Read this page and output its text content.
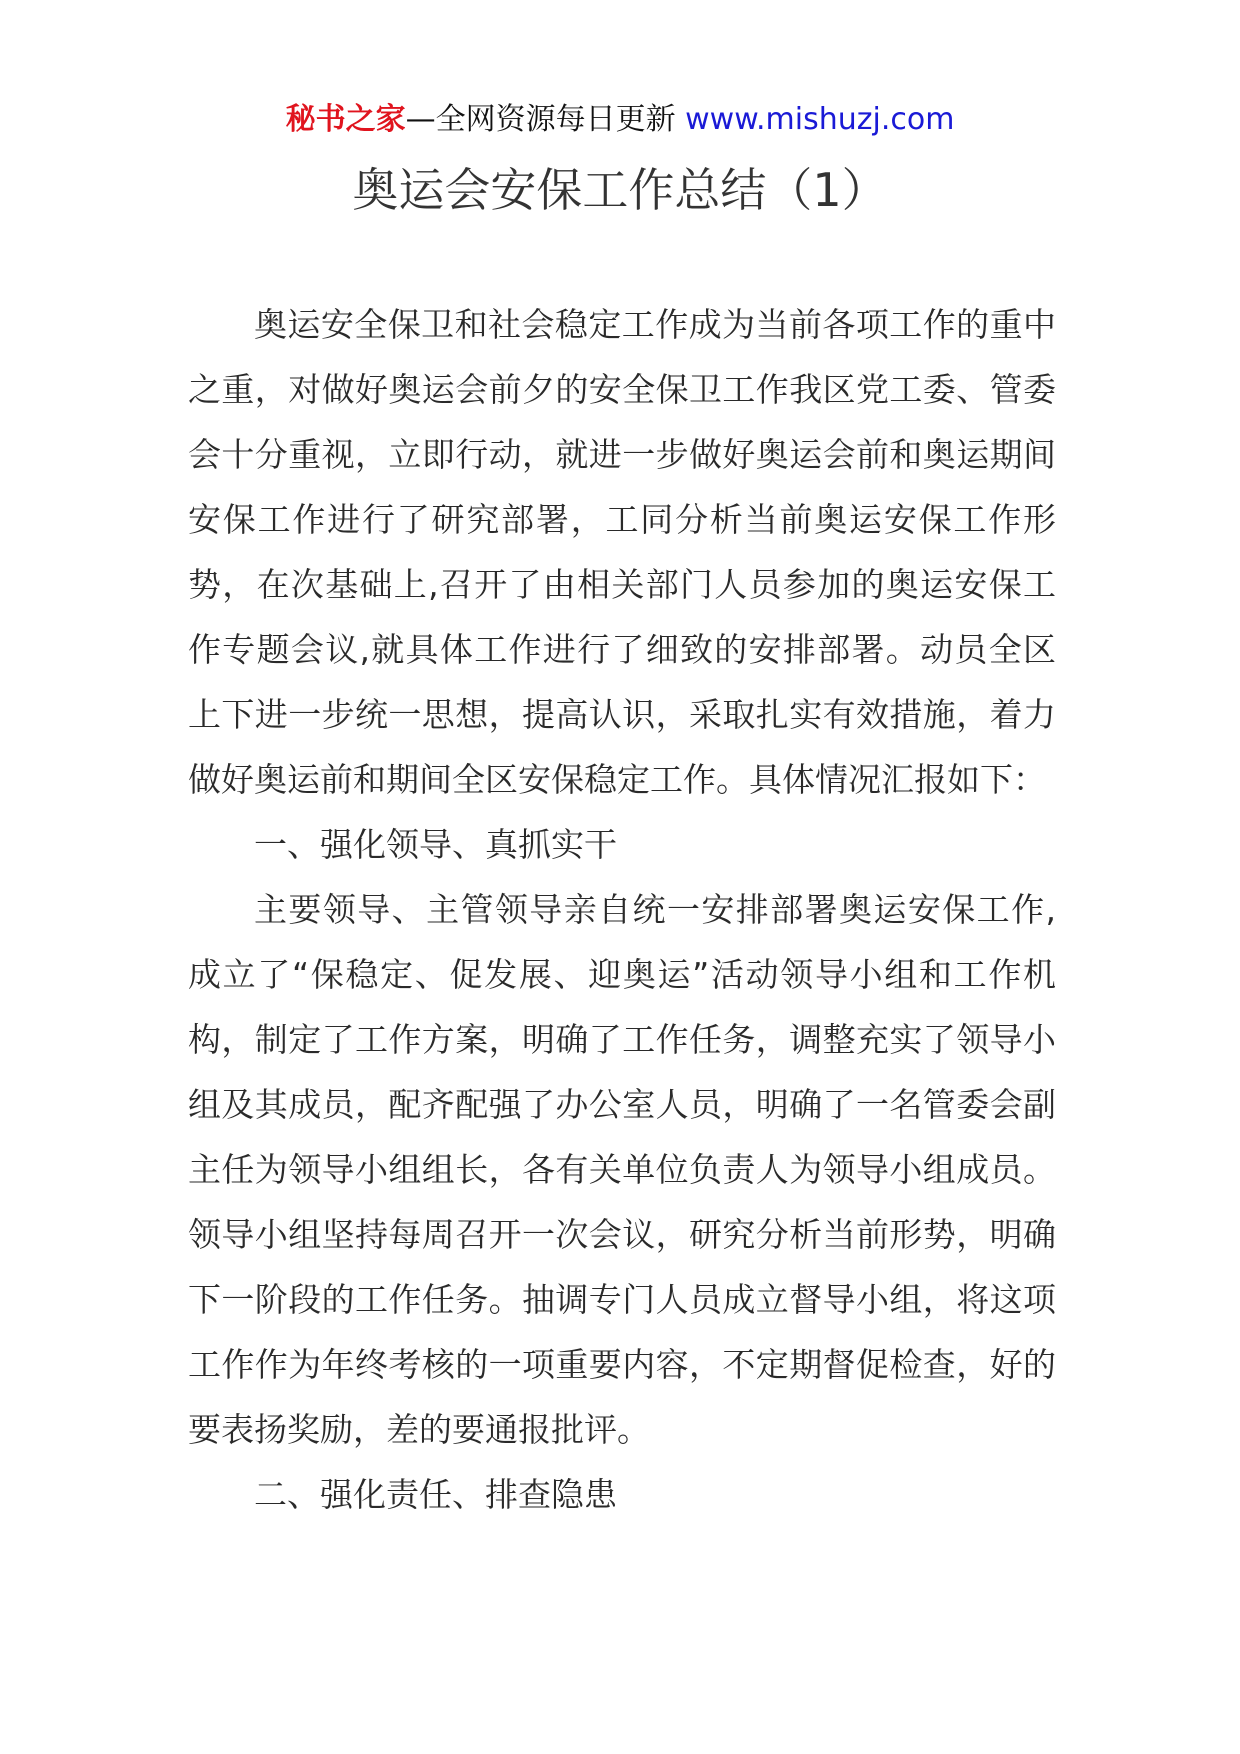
秘书之家—全网资源每日更新 www.mishuzj.com
奥运会安保工作总结（1）

奥运安全保卫和社会稳定工作成为当前各项工作的重中之重，对做好奥运会前夕的安全保卫工作我区党工委、管委会十分重视，立即行动，就进一步做好奥运会前和奥运期间安保工作进行了研究部署，工同分析当前奥运安保工作形势，在次基础上,召开了由相关部门人员参加的奥运安保工作专题会议,就具体工作进行了细致的安排部署。动员全区上下进一步统一思想，提高认识，采取扎实有效措施，着力做好奥运前和期间全区安保稳定工作。具体情况汇报如下：

一、强化领导、真抓实干

主要领导、主管领导亲自统一安排部署奥运安保工作,成立了“保稳定、促发展、迎奥运”活动领导小组和工作机构，制定了工作方案，明确了工作任务，调整充实了领导小组及其成员，配齐配强了办公室人员，明确了一名管委会副主任为领导小组组长，各有关单位负责人为领导小组成员。领导小组坚持每周召开一次会议，研究分析当前形势，明确下一阶段的工作任务。抽调专门人员成立督导小组，将这项工作作为年终考核的一项重要内容，不定期督促检查，好的要表扬奖励，差的要通报批评。

二、强化责任、排查隐患
